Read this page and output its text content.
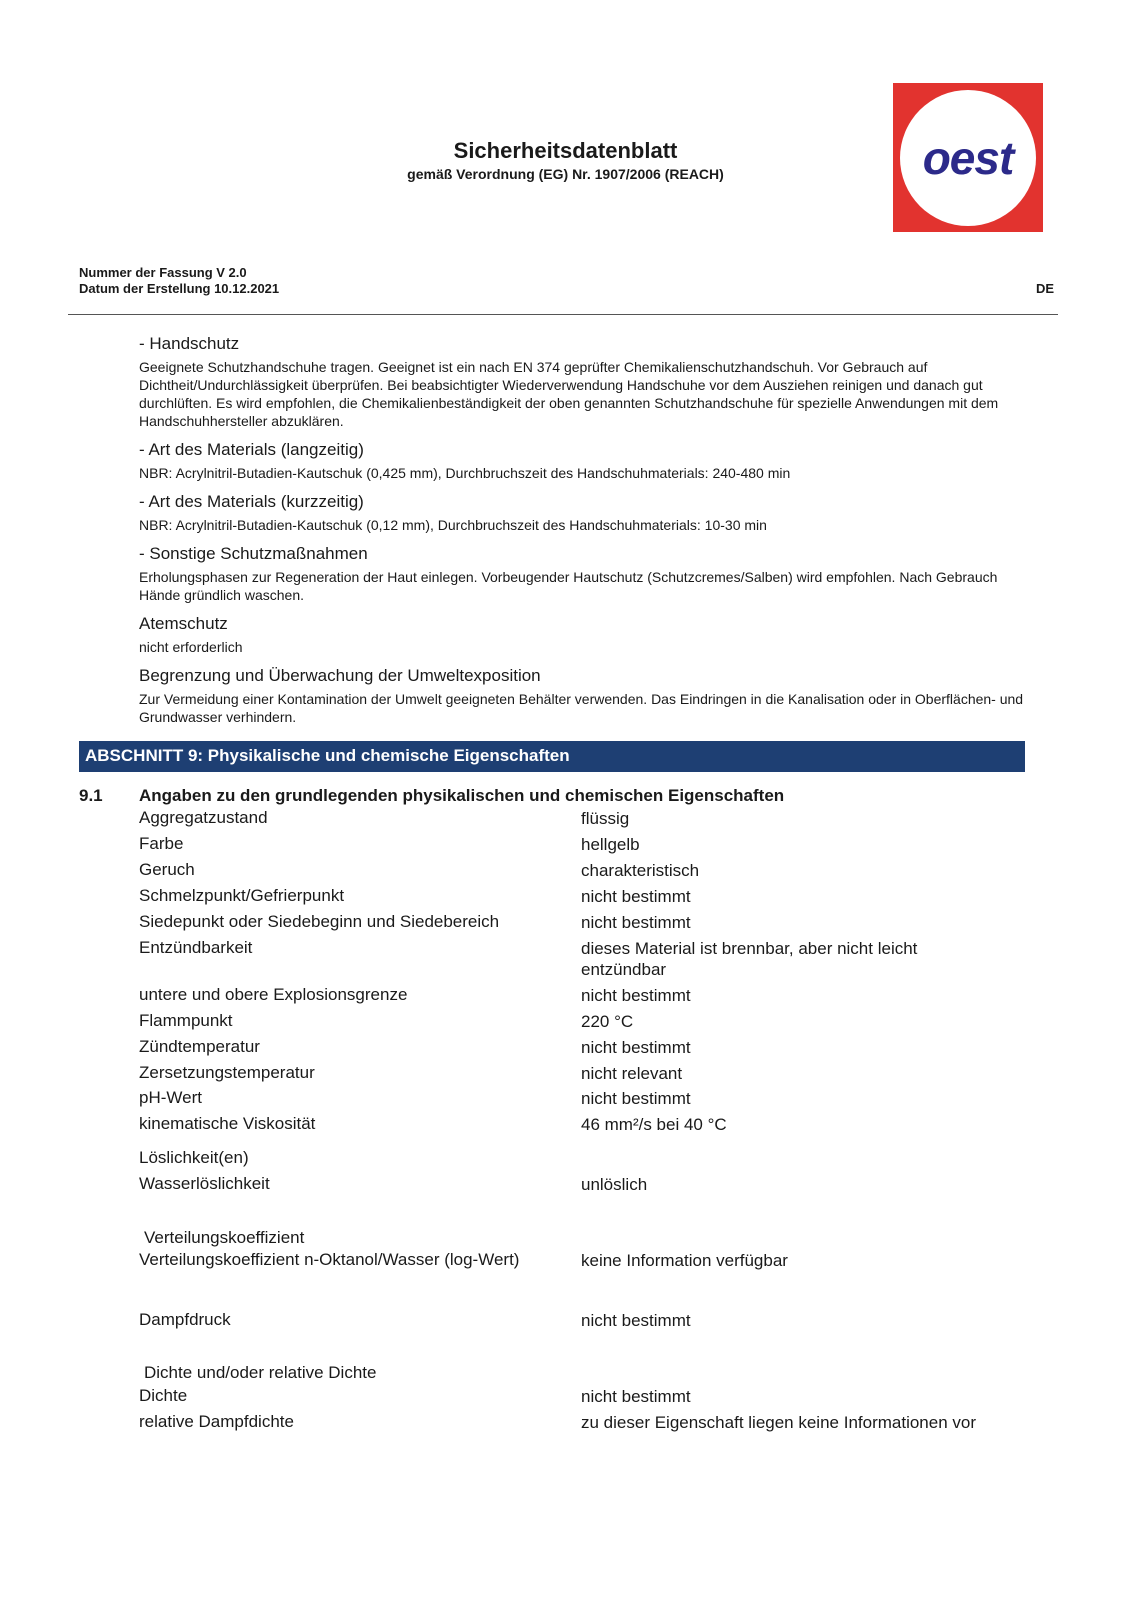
Sicherheitsdatenblatt
gemäß Verordnung (EG) Nr. 1907/2006 (REACH)	oest
Nummer der Fassung V 2.0
Datum der Erstellung 10.12.2021	DE
- Handschutz
Geeignete Schutzhandschuhe tragen. Geeignet ist ein nach EN 374 geprüfter Chemikalienschutzhandschuh. Vor Gebrauch auf Dichtheit/Undurchlässigkeit überprüfen. Bei beabsichtigter Wiederverwendung Handschuhe vor dem Ausziehen reinigen und danach gut durchlüften. Es wird empfohlen, die Chemikalienbeständigkeit der oben genannten Schutzhandschuhe für spezielle Anwendungen mit dem Handschuhhersteller abzuklären.
- Art des Materials (langzeitig)
NBR: Acrylnitril-Butadien-Kautschuk (0,425 mm), Durchbruchszeit des Handschuhmaterials: 240-480 min
- Art des Materials (kurzzeitig)
NBR: Acrylnitril-Butadien-Kautschuk (0,12 mm), Durchbruchszeit des Handschuhmaterials: 10-30 min
- Sonstige Schutzmaßnahmen
Erholungsphasen zur Regeneration der Haut einlegen. Vorbeugender Hautschutz (Schutzcremes/Salben) wird empfohlen. Nach Gebrauch Hände gründlich waschen.
Atemschutz
nicht erforderlich
Begrenzung und Überwachung der Umweltexposition
Zur Vermeidung einer Kontamination der Umwelt geeigneten Behälter verwenden. Das Eindringen in die Kanalisation oder in Oberflächen- und Grundwasser verhindern.
ABSCHNITT 9: Physikalische und chemische Eigenschaften
9.1 Angaben zu den grundlegenden physikalischen und chemischen Eigenschaften
Aggregatzustand	flüssig
Farbe	hellgelb
Geruch	charakteristisch
Schmelzpunkt/Gefrierpunkt	nicht bestimmt
Siedepunkt oder Siedebeginn und Siedebereich	nicht bestimmt
Entzündbarkeit	dieses Material ist brennbar, aber nicht leicht entzündbar
untere und obere Explosionsgrenze	nicht bestimmt
Flammpunkt	220 °C
Zündtemperatur	nicht bestimmt
Zersetzungstemperatur	nicht relevant
pH-Wert	nicht bestimmt
kinematische Viskosität	46 mm²/s bei 40 °C
Löslichkeit(en)
Wasserlöslichkeit	unlöslich
Verteilungskoeffizient
Verteilungskoeffizient n-Oktanol/Wasser (log-Wert)	keine Information verfügbar
Dampfdruck	nicht bestimmt
Dichte und/oder relative Dichte
Dichte	nicht bestimmt
relative Dampfdichte	zu dieser Eigenschaft liegen keine Informationen vor
